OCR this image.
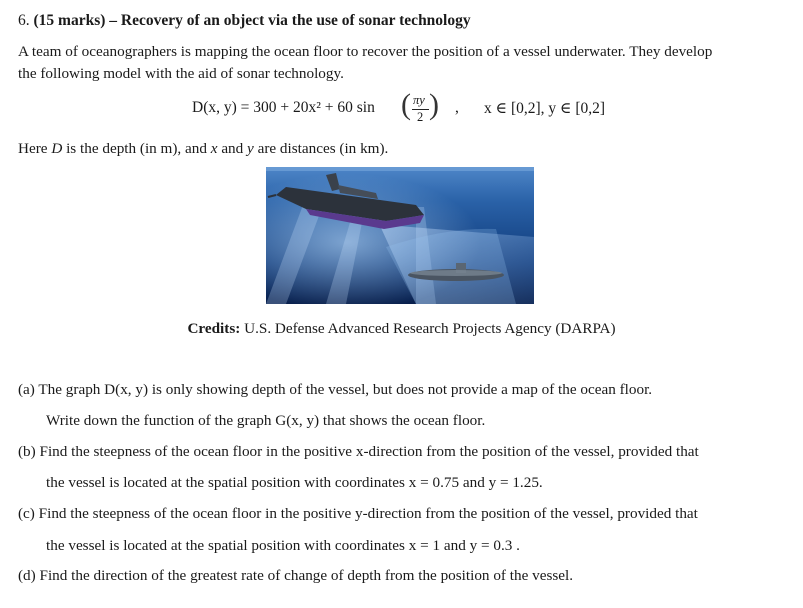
6. (15 marks) – Recovery of an object via the use of sonar technology
A team of oceanographers is mapping the ocean floor to recover the position of a vessel underwater. They develop
the following model with the aid of sonar technology.
D(x, y) = 300 + 20x² + 60 sin ( πy
2 ) , x ∈ [0,2], y ∈ [0,2]
Here D is the depth (in m), and x and y are distances (in km).
Credits: U.S. Defense Advanced Research Projects Agency (DARPA)
(a) The graph D(x, y) is only showing depth of the vessel, but does not provide a map of the ocean floor.
Write down the function of the graph G(x, y) that shows the ocean floor.
(b) Find the steepness of the ocean floor in the positive x-direction from the position of the vessel, provided that
the vessel is located at the spatial position with coordinates x = 0.75 and y = 1.25.
(c) Find the steepness of the ocean floor in the positive y-direction from the position of the vessel, provided that
the vessel is located at the spatial position with coordinates x = 1 and y = 0.3 .
(d) Find the direction of the greatest rate of change of depth from the position of the vessel.
